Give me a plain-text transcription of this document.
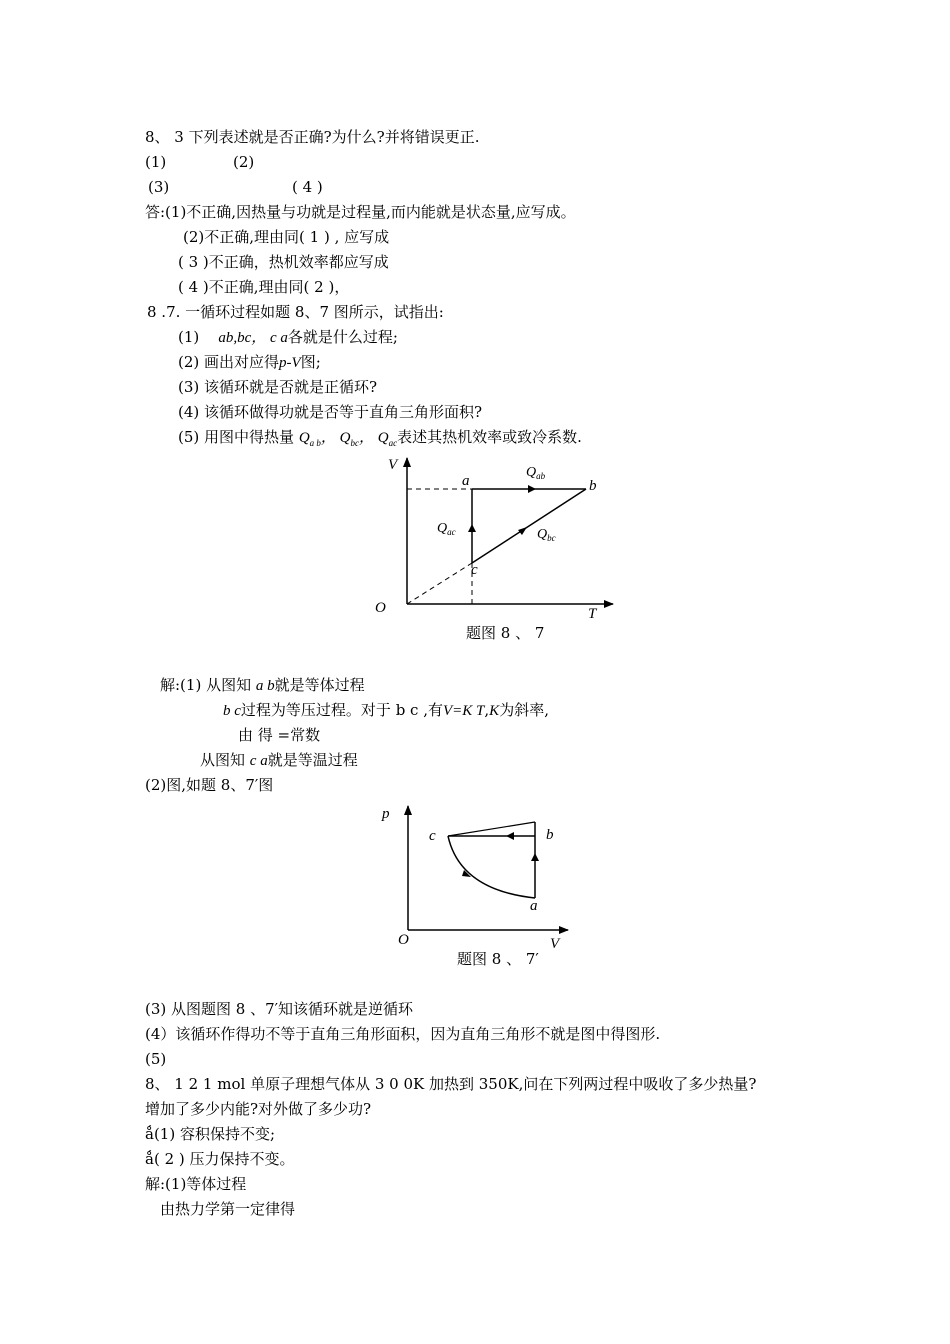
8、 3 下列表述就是否正确?为什么?并将错误更正.
(1)	(2)
(3)	( 4 )
答:(1)不正确,因热量与功就是过程量,而内能就是状态量,应写成。
(2)不正确,理由同( 1 ) , 应写成
( 3 )不正确，热机效率都应写成
( 4 )不正确,理由同( 2 )，
8 .7. 一循环过程如题 8、7 图所示，试指出:
(1) ab,bc， c a各就是什么过程;
(2) 画出对应得p-V图;
(3) 该循环就是否就是正循环?
(4) 该循环做得功就是否等于直角三角形面积?
(5) 用图中得热量 $Q_{a b}$， $Q_{bc}$， $Q_{ac}$表述其热机效率或致冷系数.
V
T
O
a	b
c
$Q_{ab}$
$Q_{ac}$	$Q_{bc}$
题图 8 、 7
解:(1) 从图知 a b就是等体过程
b c过程为等压过程。对于 b c ,有V=K T,K为斜率,
由 得 =常数
从图知 c a就是等温过程
(2)图,如题 8、7′图
p
V
O
c	b
a
题图 8 、 7′
(3) 从图题图 8 、7′知该循环就是逆循环
(4）该循环作得功不等于直角三角形面积，因为直角三角形不就是图中得图形.
(5)
8、 1 2 1 mol 单原子理想气体从 3 0 0K 加热到 350K,问在下列两过程中吸收了多少热量?
增加了多少内能?对外做了多少功?
ǻ(1) 容积保持不变;
ǻ( 2 ) 压力保持不变。
解:(1)等体过程
由热力学第一定律得
